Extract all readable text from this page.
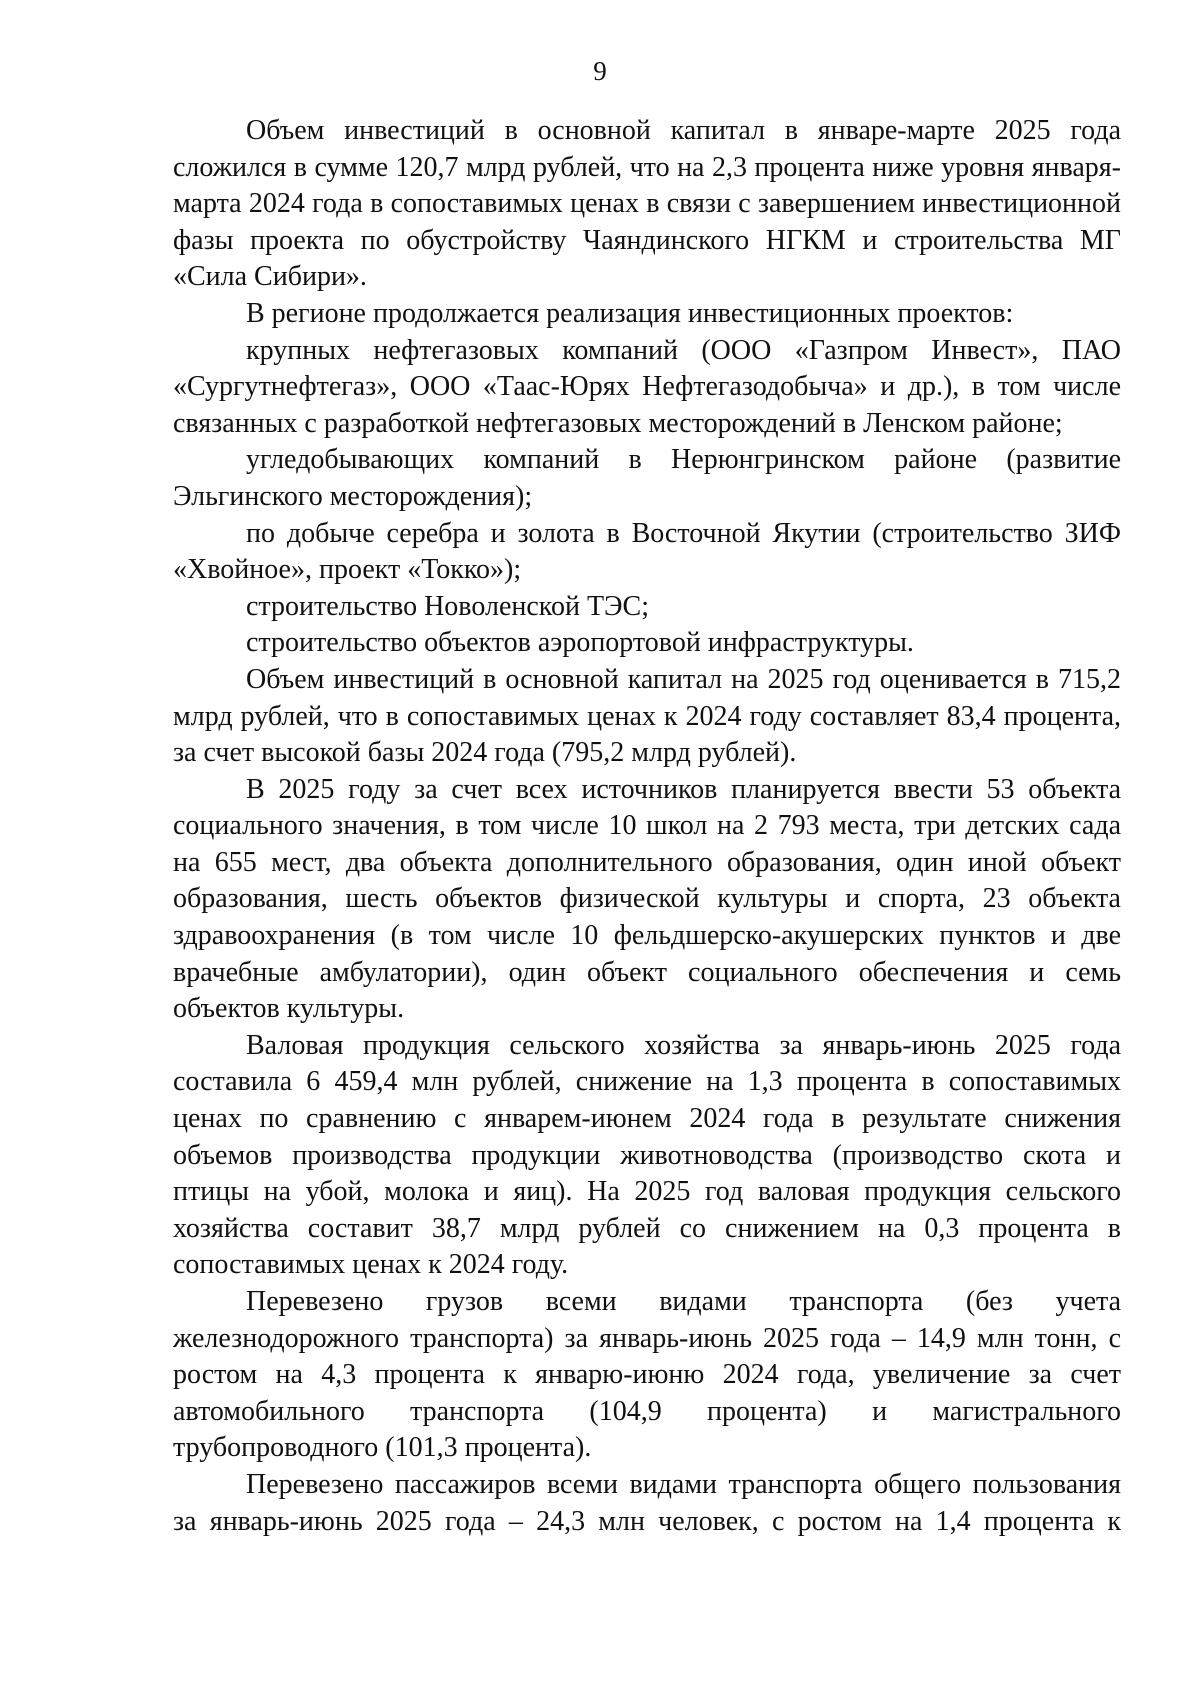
9

Объем инвестиций в основной капитал в январе-марте 2025 года сложился в сумме 120,7 млрд рублей, что на 2,3 процента ниже уровня января-марта 2024 года в сопоставимых ценах в связи с завершением инвестиционной фазы проекта по обустройству Чаяндинского НГКМ и строительства МГ «Сила Сибири».

В регионе продолжается реализация инвестиционных проектов:

крупных нефтегазовых компаний (ООО «Газпром Инвест», ПАО «Сургутнефтегаз», ООО «Таас-Юрях Нефтегазодобыча» и др.), в том числе связанных с разработкой нефтегазовых месторождений в Ленском районе;

угледобывающих компаний в Нерюнгринском районе (развитие Эльгинского месторождения);

по добыче серебра и золота в Восточной Якутии (строительство ЗИФ «Хвойное», проект «Токко»);

строительство Новоленской ТЭС;

строительство объектов аэропортовой инфраструктуры.

Объем инвестиций в основной капитал на 2025 год оценивается в 715,2 млрд рублей, что в сопоставимых ценах к 2024 году составляет 83,4 процента, за счет высокой базы 2024 года (795,2 млрд рублей).

В 2025 году за счет всех источников планируется ввести 53 объекта социального значения, в том числе 10 школ на 2 793 места, три детских сада на 655 мест, два объекта дополнительного образования, один иной объект образования, шесть объектов физической культуры и спорта, 23 объекта здравоохранения (в том числе 10 фельдшерско-акушерских пунктов и две врачебные амбулатории), один объект социального обеспечения и семь объектов культуры.

Валовая продукция сельского хозяйства за январь-июнь 2025 года составила 6 459,4 млн рублей, снижение на 1,3 процента в сопоставимых ценах по сравнению с январем-июнем 2024 года в результате снижения объемов производства продукции животноводства (производство скота и птицы на убой, молока и яиц). На 2025 год валовая продукция сельского хозяйства составит 38,7 млрд рублей со снижением на 0,3 процента в сопоставимых ценах к 2024 году.

Перевезено грузов всеми видами транспорта (без учета железнодорожного транспорта) за январь-июнь 2025 года – 14,9 млн тонн, с ростом на 4,3 процента к январю-июню 2024 года, увеличение за счет автомобильного транспорта (104,9 процента) и магистрального трубопроводного (101,3 процента).

Перевезено пассажиров всеми видами транспорта общего пользования за январь-июнь 2025 года – 24,3 млн человек, с ростом на 1,4 процента к
